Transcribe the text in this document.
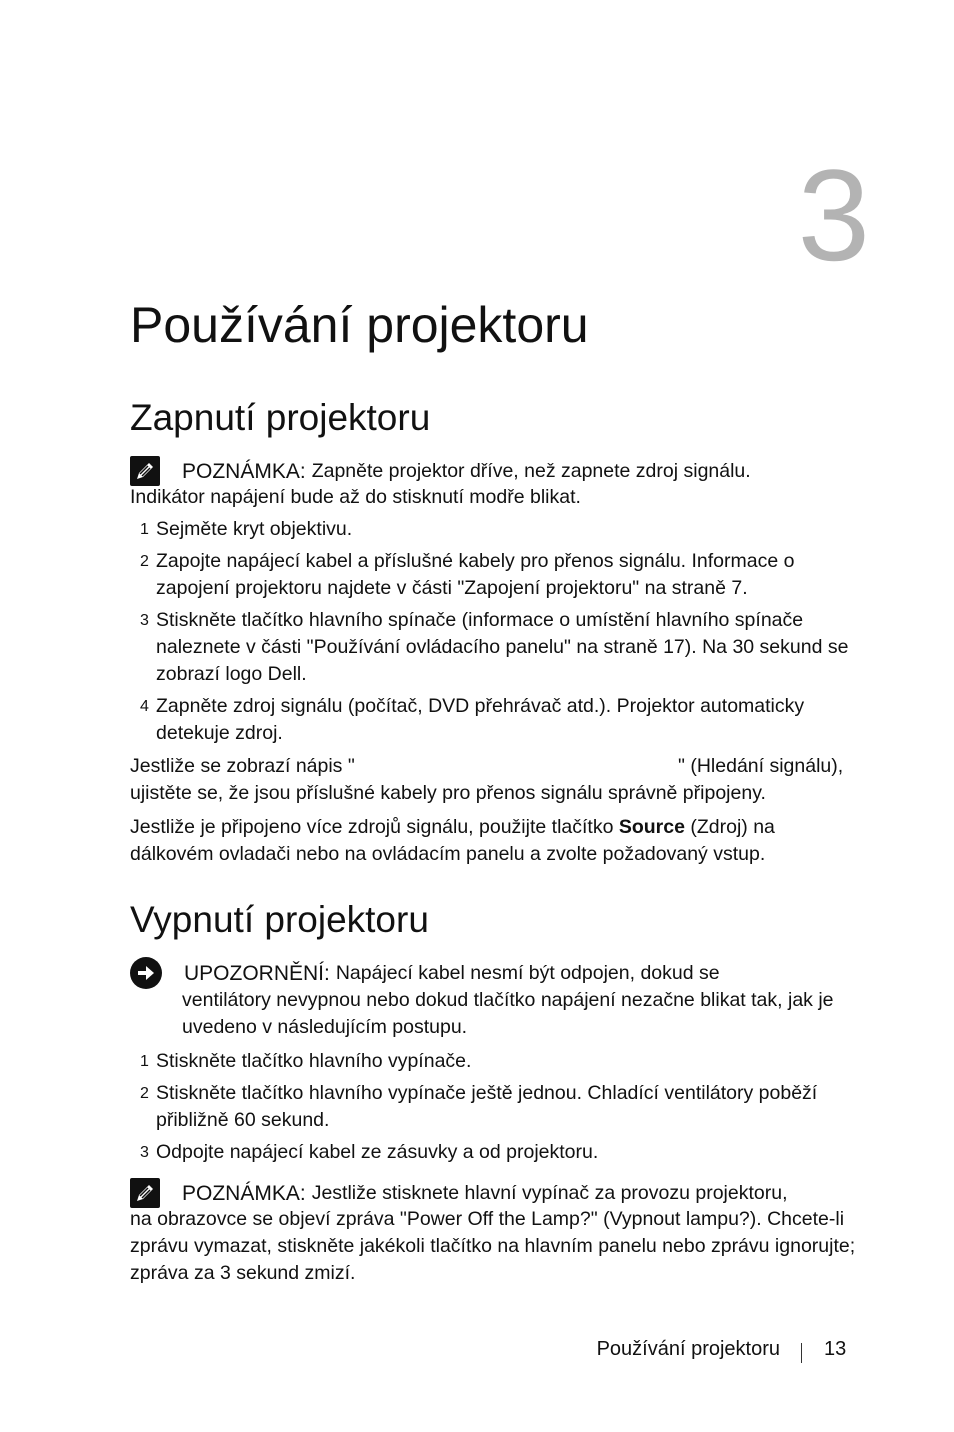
3
Používání projektoru
Zapnutí projektoru
POZNÁMKA: Zapněte projektor dříve, než zapnete zdroj signálu.
Indikátor napájení bude až do stisknutí modře blikat.
1 Sejměte kryt objektivu.
2 Zapojte napájecí kabel a příslušné kabely pro přenos signálu. Informace o zapojení projektoru najdete v části "Zapojení projektoru" na straně 7.
3 Stiskněte tlačítko hlavního spínače (informace o umístění hlavního spínače naleznete v části "Používání ovládacího panelu" na straně 17). Na 30 sekund se zobrazí logo Dell.
4 Zapněte zdroj signálu (počítač, DVD přehrávač atd.). Projektor automaticky detekuje zdroj.
Jestliže se zobrazí nápis "	" (Hledání signálu),
ujistěte se, že jsou příslušné kabely pro přenos signálu správně připojeny.
Jestliže je připojeno více zdrojů signálu, použijte tlačítko Source (Zdroj) na dálkovém ovladači nebo na ovládacím panelu a zvolte požadovaný vstup.
Vypnutí projektoru
UPOZORNĚNÍ: Napájecí kabel nesmí být odpojen, dokud se
ventilátory nevypnou nebo dokud tlačítko napájení nezačne blikat tak, jak je uvedeno v následujícím postupu.
1 Stiskněte tlačítko hlavního vypínače.
2 Stiskněte tlačítko hlavního vypínače ještě jednou. Chladící ventilátory poběží přibližně 60 sekund.
3 Odpojte napájecí kabel ze zásuvky a od projektoru.
POZNÁMKA: Jestliže stisknete hlavní vypínač za provozu projektoru,
na obrazovce se objeví zpráva "Power Off the Lamp?" (Vypnout lampu?). Chcete-li zprávu vymazat, stiskněte jakékoli tlačítko na hlavním panelu nebo zprávu ignorujte; zpráva za 3 sekund zmizí.
Používání projektoru 13
